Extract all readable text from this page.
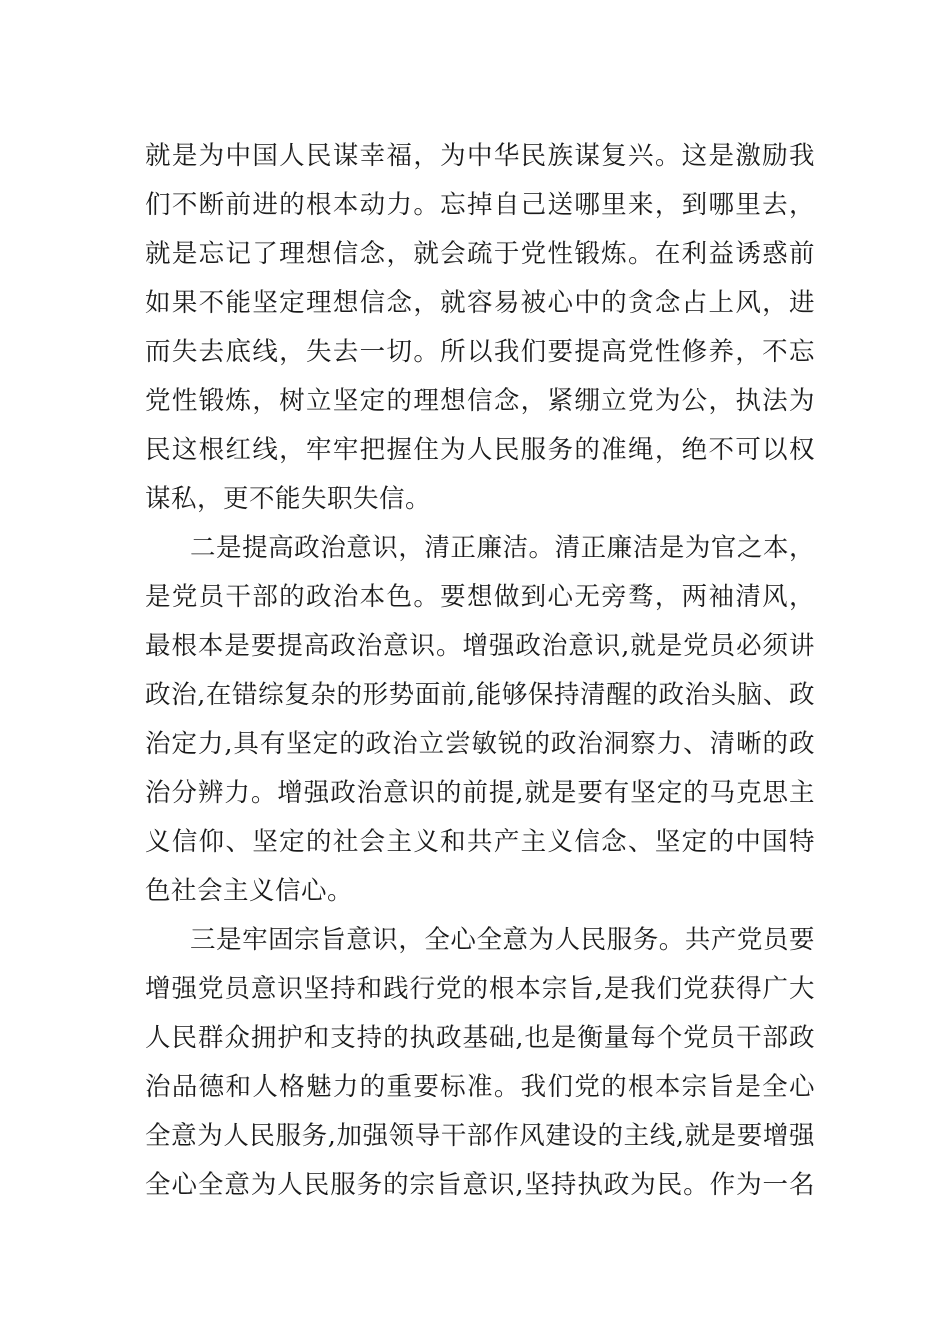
就是为中国人民谋幸福，为中华民族谋复兴。这是激励我
们不断前进的根本动力。忘掉自己送哪里来，到哪里去，
就是忘记了理想信念，就会疏于党性锻炼。在利益诱惑前
如果不能坚定理想信念，就容易被心中的贪念占上风，进
而失去底线，失去一切。所以我们要提高党性修养，不忘
党性锻炼，树立坚定的理想信念，紧绷立党为公，执法为
民这根红线，牢牢把握住为人民服务的准绳，绝不可以权
谋私，更不能失职失信。
二是提高政治意识，清正廉洁。清正廉洁是为官之本，
是党员干部的政治本色。要想做到心无旁骛，两袖清风，
最根本是要提高政治意识。增强政治意识,就是党员必须讲
政治,在错综复杂的形势面前,能够保持清醒的政治头脑、政
治定力,具有坚定的政治立尝敏锐的政治洞察力、清晰的政
治分辨力。增强政治意识的前提,就是要有坚定的马克思主
义信仰、坚定的社会主义和共产主义信念、坚定的中国特
色社会主义信心。
三是牢固宗旨意识，全心全意为人民服务。共产党员要
增强党员意识坚持和践行党的根本宗旨,是我们党获得广大
人民群众拥护和支持的执政基础,也是衡量每个党员干部政
治品德和人格魅力的重要标准。我们党的根本宗旨是全心
全意为人民服务,加强领导干部作风建设的主线,就是要增强
全心全意为人民服务的宗旨意识,坚持执政为民。作为一名
